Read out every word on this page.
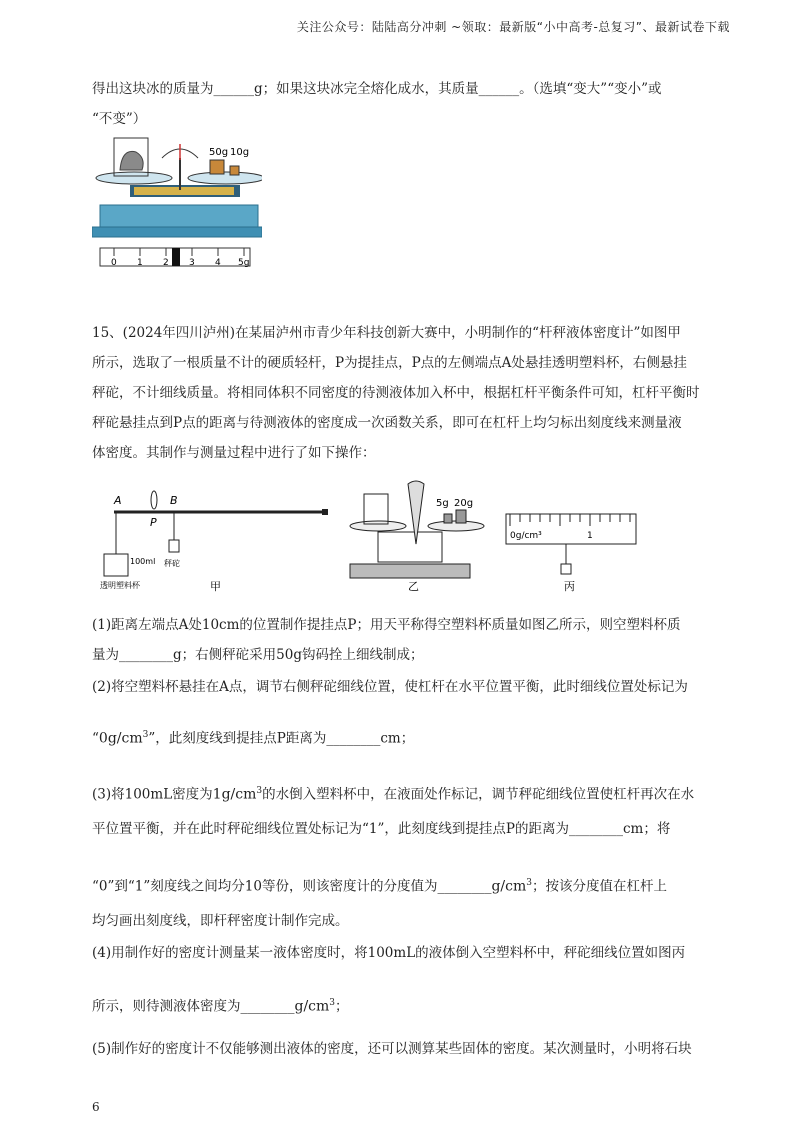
关注公众号：陆陆高分冲刺 ~领取：最新版“小中高考-总复习”、最新试卷下载
得出这块冰的质量为______g；如果这块冰完全熔化成水，其质量______。（选填“变大”“变小”或
“不变”）
50g 10g
0 1 2 3 4 5g
15、(2024年四川泸州)在某届泸州市青少年科技创新大赛中，小明制作的“杆秤液体密度计”如图甲
所示，选取了一根质量不计的硬质轻杆，P为提挂点，P点的左侧端点A处悬挂透明塑料杯，右侧悬挂
秤砣，不计细线质量。将相同体积不同密度的待测液体加入杯中，根据杠杆平衡条件可知，杠杆平衡时
秤砣悬挂点到P点的距离与待测液体的密度成一次函数关系，即可在杠杆上均匀标出刻度线来测量液
体密度。其制作与测量过程中进行了如下操作：
A
P
B
100ml
透明塑料杯
秤砣
甲
5g 20g
乙
0g/cm³	1
丙
(1)距离左端点A处10cm的位置制作提挂点P；用天平称得空塑料杯质量如图乙所示，则空塑料杯质
量为________g；右侧秤砣采用50g钩码拴上细线制成；
(2)将空塑料杯悬挂在A点，调节右侧秤砣细线位置，使杠杆在水平位置平衡，此时细线位置处标记为
“$0g/cm^3$”，此刻度线到提挂点P距离为________cm；
(3)将100mL密度为$1g/cm^3$的水倒入塑料杯中，在液面处作标记，调节秤砣细线位置使杠杆再次在水
平位置平衡，并在此时秤砣细线位置处标记为“1”，此刻度线到提挂点P的距离为________cm；将
“0”到“1”刻度线之间均分10等份，则该密度计的分度值为$\_\_\_\_\_\_\_\_g/cm^3$；按该分度值在杠杆上
均匀画出刻度线，即杆秤密度计制作完成。
(4)用制作好的密度计测量某一液体密度时，将100mL的液体倒入空塑料杯中，秤砣细线位置如图丙
所示，则待测液体密度为$\_\_\_\_\_\_\_\_g/cm^3$；
(5)制作好的密度计不仅能够测出液体的密度，还可以测算某些固体的密度。某次测量时，小明将石块
6
